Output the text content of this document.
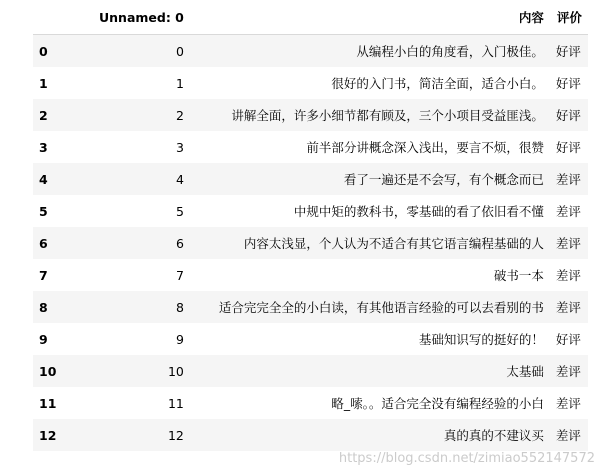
	Unnamed: 0	内容	评价
0	0	从编程小白的角度看，入门极佳。	好评
1	1	很好的入门书，简洁全面，适合小白。	好评
2	2	讲解全面，许多小细节都有顾及，三个小项目受益匪浅。	好评
3	3	前半部分讲概念深入浅出，要言不烦，很赞	好评
4	4	看了一遍还是不会写，有个概念而已	差评
5	5	中规中矩的教科书，零基础的看了依旧看不懂	差评
6	6	内容太浅显，个人认为不适合有其它语言编程基础的人	差评
7	7	破书一本	差评
8	8	适合完完全全的小白读，有其他语言经验的可以去看别的书	差评
9	9	基础知识写的挺好的！	好评
10	10	太基础	差评
11	11	略_嗦。。适合完全没有编程经验的小白	差评
12	12	真的真的不建议买	差评
https://blog.csdn.net/zimiao552147572
